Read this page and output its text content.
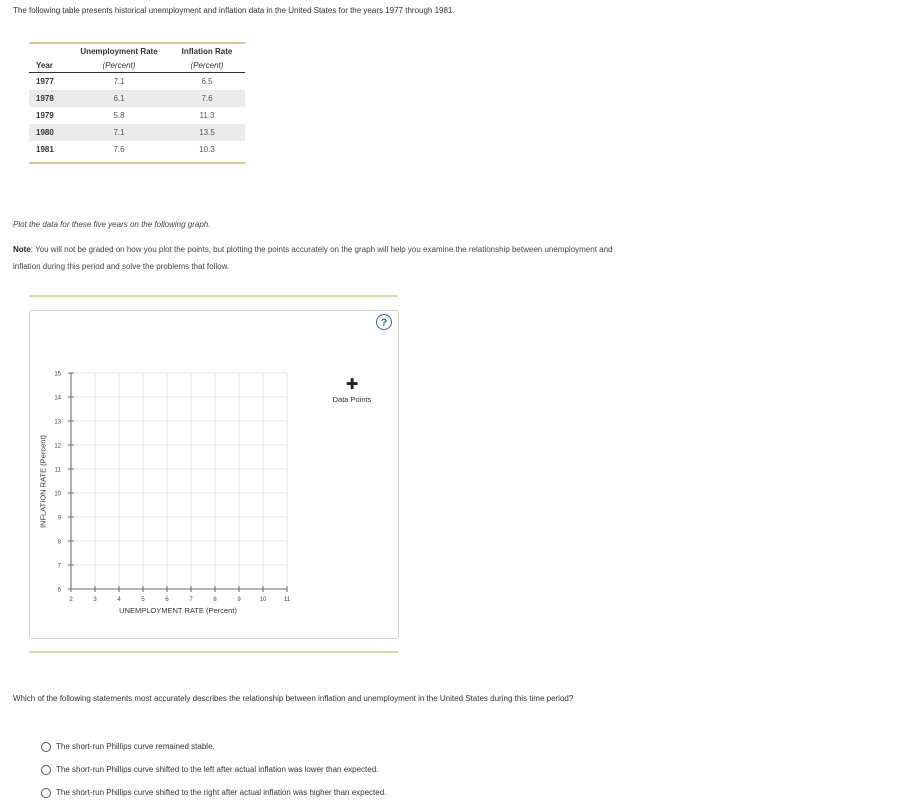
The following table presents historical unemployment and inflation data in the United States for the years 1977 through 1981.
	Unemployment Rate	Inflation Rate
Year	(Percent)	(Percent)
1977	7.1	6.5
1978	6.1	7.6
1979	5.8	11.3
1980	7.1	13.5
1981	7.6	10.3
Plot the data for these five years on the following graph.
Note: You will not be graded on how you plot the points, but plotting the points accurately on the graph will help you examine the relationship between unemployment and inflation during this period and solve the problems that follow.
?
6
7
8
9
10
11
12
13
14
15
2	3	4	5	6	7	8	9	10	11
INFLATION RATE (Percent)
UNEMPLOYMENT RATE (Percent)
✚
Data Points
Which of the following statements most accurately describes the relationship between inflation and unemployment in the United States during this time period?
The short-run Phillips curve remained stable.
The short-run Phillips curve shifted to the left after actual inflation was lower than expected.
The short-run Phillips curve shifted to the right after actual inflation was higher than expected.
